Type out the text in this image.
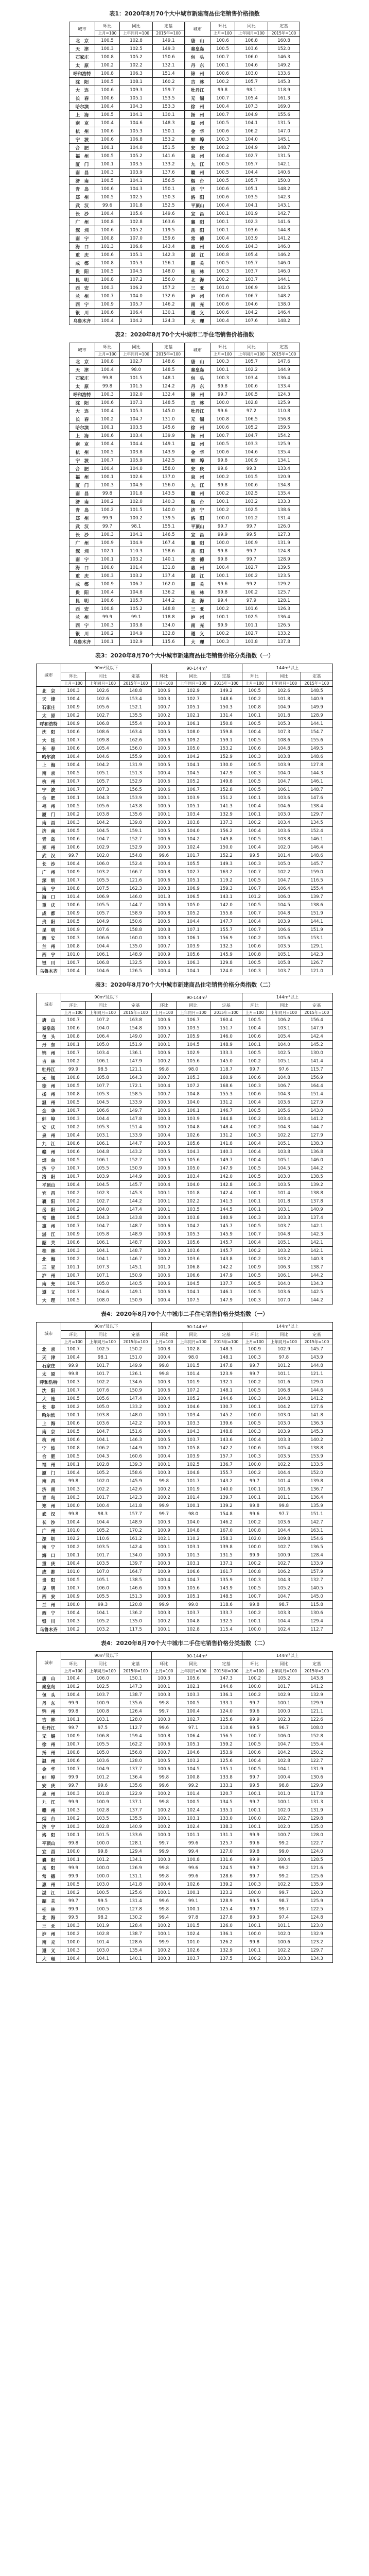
表1：2020年8月70个大中城市新建商品住宅销售价格指数
城市	环比	同比	定基	城市	环比	同比	定基
	上月=100	上年同月=100	2015年=100		上月=100	上年同月=100	2015年=100
北　京	100.5	102.8	149.1	唐　山	100.6	106.8	160.8
天　津	100.3	102.5	149.3	秦皇岛	100.5	103.6	152.0
石家庄	100.8	105.2	150.6	包　头	100.7	106.0	146.3
太　原	100.2	102.2	132.1	丹　东	100.1	104.6	149.2
呼和浩特	100.8	106.3	151.4	锦　州	100.6	103.0	133.6
沈　阳	100.5	108.1	160.2	吉　林	100.2	105.7	145.3
大　连	100.6	109.3	159.7	牡丹江	99.8	98.1	118.9
长　春	100.6	105.1	153.5	无　锡	100.7	105.4	161.3
哈尔滨	100.4	104.3	153.3	徐　州	100.4	107.3	169.0
上　海	100.5	104.1	130.1	扬　州	100.7	104.9	155.6
南　京	100.4	104.6	148.3	温　州	100.5	104.1	131.5
杭　州	100.6	105.3	150.1	金　华	100.6	106.2	147.0
宁　波	100.6	106.8	153.2	蚌　埠	100.3	104.0	145.1
合　肥	100.1	104.0	151.5	安　庆	100.2	104.9	148.7
福　州	100.5	105.2	141.6	泉　州	100.4	102.7	131.5
厦　门	100.1	103.5	133.2	九　江	100.5	105.7	142.1
南　昌	100.3	103.9	137.6	赣　州	100.5	104.4	140.6
济　南	100.5	104.1	156.5	烟　台	100.5	105.7	150.0
青　岛	100.6	104.3	150.1	济　宁	100.6	105.1	148.2
郑　州	100.5	102.5	150.3	洛　阳	100.6	103.5	142.3
武　汉	99.6	101.8	152.5	平顶山	100.4	104.1	143.1
长　沙	100.4	105.6	149.6	宜　昌	100.1	101.9	142.7
广　州	100.8	102.8	163.6	襄　阳	100.1	102.3	141.6
深　圳	100.6	105.2	119.5	岳　阳	100.1	103.6	144.8
南　宁	100.8	107.0	159.6	常　德	100.4	103.9	141.2
海　口	101.3	106.6	143.4	惠　州	100.6	104.3	146.0
重　庆	100.6	105.1	142.3	湛　江	100.8	105.4	146.2
成　都	100.8	105.3	156.1	韶　关	100.5	105.7	146.0
贵　阳	100.5	104.5	148.0	桂　林	100.3	103.7	146.0
昆　明	100.8	107.2	156.0	北　海	100.2	103.7	144.1
西　安	100.3	106.2	157.2	三　亚	101.0	106.9	142.5
兰　州	100.7	104.0	132.6	泸　州	100.6	106.7	148.2
西　宁	100.9	105.7	146.2	南　充	100.6	104.6	138.0
银　川	100.6	106.4	130.1	遵　义	100.6	104.2	146.4
乌鲁木齐	100.4	104.2	124.3	大　理	100.4	107.6	148.2
表2：2020年8月70个大中城市二手住宅销售价格指数
城市	环比	同比	定基	城市	环比	同比	定基
	上月=100	上年同月=100	2015年=100		上月=100	上年同月=100	2015年=100
北　京	100.8	102.7	148.6	唐　山	100.3	105.7	147.6
天　津	100.4	98.0	148.5	秦皇岛	100.1	102.2	144.9
石家庄	99.8	101.5	148.1	包　头	100.3	103.4	136.4
太　原	99.8	101.5	124.2	丹　东	99.8	100.6	133.4
呼和浩特	100.3	102.0	132.4	锦　州	99.7	100.5	124.3
沈　阳	100.6	107.3	148.5	吉　林	100.0	102.8	125.9
大　连	100.4	105.3	145.0	牡丹江	99.6	97.2	110.8
长　春	100.2	104.7	131.0	无　锡	100.8	106.5	156.8
哈尔滨	100.1	103.5	145.6	徐　州	100.6	105.2	159.5
上　海	100.6	103.4	139.9	扬　州	100.7	104.7	154.2
南　京	100.4	104.4	149.1	温　州	100.5	103.3	125.9
杭　州	100.5	103.8	143.9	金　华	100.6	104.6	135.4
宁　波	100.7	105.9	142.5	蚌　埠	99.8	100.9	134.1
合　肥	100.4	104.0	158.0	安　庆	99.6	99.3	133.4
福　州	100.1	102.6	137.0	泉　州	100.2	101.5	120.9
厦　门	100.3	104.9	156.0	九　江	99.8	100.6	134.8
南　昌	99.8	101.8	143.5	赣　州	100.2	102.5	135.4
济　南	100.2	102.0	140.3	烟　台	100.1	103.2	133.3
青　岛	100.2	101.5	140.0	济　宁	100.2	102.5	138.6
郑　州	99.9	100.2	139.5	洛　阳	100.0	101.2	131.4
武　汉	99.7	98.1	155.1	平顶山	99.7	99.7	126.0
长　沙	100.3	104.1	146.5	宜　昌	99.9	99.5	127.3
广　州	100.9	104.9	167.4	襄　阳	100.0	100.9	131.9
深　圳	102.1	110.3	158.6	岳　阳	99.8	99.7	124.8
南　宁	100.1	103.2	140.1	常　德	99.8	99.7	128.9
海　口	100.0	101.4	131.8	惠　州	100.4	102.7	139.5
重　庆	100.3	103.2	137.4	湛　江	100.1	100.2	123.5
成　都	100.9	106.7	162.0	韶　关	99.6	99.2	129.2
贵　阳	100.4	104.8	136.2	桂　林	99.8	100.2	125.7
昆　明	100.6	105.7	144.2	北　海	99.4	97.9	128.1
西　安	100.8	105.2	148.8	三　亚	100.2	101.6	126.3
兰　州	99.9	99.1	118.8	泸　州	100.1	102.5	136.4
西　宁	100.3	103.8	134.0	南　充	99.9	101.1	126.5
银　川	100.2	104.9	132.8	遵　义	100.2	102.7	133.2
乌鲁木齐	100.1	102.9	115.6	大　理	100.3	103.8	137.8
表3：2020年8月70个大中城市新建商品住宅销售价格分类指数（一）
城市	90m²及以下			90-144m²			144m²以上		
	环比	同比	定基	环比	同比	定基	环比	同比	定基
	上月=100	上年同月=100	2015年=100	上月=100	上年同月=100	2015年=100	上月=100	上年同月=100	2015年=100
北　京	100.3	102.6	148.8	100.6	102.9	149.2	100.5	102.6	148.5
天　津	100.4	102.6	153.4	100.3	102.7	148.6	100.2	101.8	140.9
石家庄	100.9	105.6	152.1	100.7	105.1	150.3	100.8	104.9	149.9
太　原	100.2	102.7	135.5	100.2	102.1	131.4	100.1	101.8	128.9
呼和浩特	100.9	106.8	155.4	100.8	106.1	150.8	100.5	105.3	144.1
沈　阳	100.6	108.6	163.4	100.5	108.0	159.8	100.4	107.3	154.7
大　连	100.7	109.8	162.6	100.6	109.2	159.1	100.5	108.6	155.6
长　春	100.6	105.4	156.0	100.5	105.0	153.2	100.6	104.8	149.5
哈尔滨	100.4	104.6	155.9	100.4	104.2	152.9	100.3	103.8	148.6
上　海	100.4	104.2	131.9	100.5	104.1	130.0	100.5	103.9	127.8
南　京	100.5	105.1	151.3	100.4	104.5	147.9	100.3	104.0	144.3
杭　州	100.7	105.7	152.9	100.6	105.2	149.8	100.5	104.7	146.1
宁　波	100.7	107.3	156.5	100.6	106.7	152.8	100.5	106.1	148.7
合　肥	100.1	104.3	153.9	100.1	103.9	151.2	100.1	103.6	147.6
福　州	100.5	105.6	143.8	100.5	105.1	141.3	100.4	104.6	138.4
厦　门	100.2	103.8	135.6	100.1	103.4	132.9	100.1	103.0	129.7
南　昌	100.3	104.2	139.8	100.3	103.8	137.3	100.2	103.4	134.5
济　南	100.5	104.5	159.1	100.5	104.0	156.2	100.4	103.6	152.4
青　岛	100.6	104.7	152.7	100.6	104.2	149.8	100.5	103.8	146.1
郑　州	100.6	102.9	152.9	100.5	102.4	150.0	100.4	102.0	146.4
武　汉	99.7	102.0	154.8	99.6	101.7	152.2	99.5	101.4	148.6
长　沙	100.4	106.0	152.4	100.4	105.5	149.3	100.3	105.0	145.7
广　州	100.9	103.2	166.7	100.8	102.7	163.2	100.7	102.2	159.0
深　圳	100.7	105.5	121.6	100.6	105.1	119.2	100.5	104.7	116.5
南　宁	100.8	107.5	162.3	100.8	106.9	159.3	100.7	106.4	155.4
海　口	101.4	106.9	146.0	101.3	106.5	143.1	101.2	106.0	139.7
重　庆	100.6	105.5	144.7	100.6	105.0	142.0	100.5	104.5	138.6
成　都	100.9	105.7	158.9	100.8	105.2	155.8	100.7	104.8	151.9
贵　阳	100.5	104.9	150.6	100.5	104.4	147.7	100.4	103.9	144.1
昆　明	100.9	107.6	158.8	100.8	107.1	155.7	100.7	106.6	151.9
西　安	100.3	106.6	160.0	100.3	106.1	156.9	100.2	105.6	153.1
兰　州	100.8	104.4	135.0	100.7	103.9	132.3	100.6	103.5	129.1
西　宁	101.0	106.1	148.9	100.9	105.6	145.9	100.8	105.1	142.3
银　川	100.7	106.8	132.5	100.6	106.3	129.8	100.5	105.8	126.7
乌鲁木齐	100.4	104.6	126.5	100.4	104.1	124.0	100.3	103.7	121.0
表3：2020年8月70个大中城市新建商品住宅销售价格分类指数（二）
城市	90m²及以下			90-144m²			144m²以上		
	环比	同比	定基	环比	同比	定基	环比	同比	定基
	上月=100	上年同月=100	2015年=100	上月=100	上年同月=100	2015年=100	上月=100	上年同月=100	2015年=100
唐　山	100.7	107.2	163.8	100.6	106.7	160.4	100.5	106.2	156.4
秦皇岛	100.6	104.0	154.8	100.5	103.5	151.7	100.4	103.1	147.9
包　头	100.8	106.4	149.0	100.7	105.9	146.0	100.6	105.4	142.4
丹　东	100.1	105.0	151.9	100.1	104.5	148.9	100.1	104.0	145.2
锦　州	100.7	103.4	136.1	100.6	102.9	133.3	100.5	102.5	130.0
吉　林	100.2	106.1	147.9	100.2	105.6	145.0	100.2	105.1	141.4
牡丹江	99.9	98.5	121.1	99.8	98.0	118.7	99.7	97.6	115.7
无　锡	100.8	105.8	164.3	100.7	105.3	160.9	100.6	104.8	156.9
徐　州	100.5	107.7	172.1	100.4	107.2	168.6	100.3	106.7	164.4
扬　州	100.8	105.3	158.5	100.7	104.8	155.3	100.6	104.3	151.4
温　州	100.5	104.5	133.9	100.5	104.0	131.2	100.4	103.6	127.9
金　华	100.7	106.6	149.7	100.6	106.1	146.7	100.5	105.6	143.0
蚌　埠	100.3	104.4	147.8	100.3	103.9	144.8	100.2	103.4	141.2
安　庆	100.2	105.3	151.4	100.2	104.8	148.4	100.2	104.3	144.7
泉　州	100.4	103.1	133.9	100.4	102.6	131.2	100.3	102.2	127.9
九　江	100.6	106.1	144.7	100.5	105.6	141.8	100.4	105.1	138.3
赣　州	100.6	104.8	143.2	100.5	104.3	140.3	100.4	103.8	136.8
烟　台	100.5	106.1	152.7	100.5	105.6	149.7	100.4	105.1	146.0
济　宁	100.7	105.5	150.9	100.6	105.0	147.9	100.5	104.5	144.2
洛　阳	100.7	103.9	144.9	100.6	103.4	142.0	100.5	103.0	138.5
平顶山	100.4	104.5	145.7	100.4	104.0	142.8	100.3	103.5	139.2
宜　昌	100.2	102.3	145.3	100.1	101.8	142.4	100.1	101.4	138.8
襄　阳	100.2	102.7	144.2	100.1	102.2	141.3	100.1	101.8	137.8
岳　阳	100.2	104.0	147.4	100.1	103.5	144.5	100.1	103.1	140.9
常　德	100.5	104.3	143.8	100.4	103.8	140.9	100.3	103.3	137.4
惠　州	100.7	104.7	148.7	100.6	104.2	145.7	100.5	103.7	142.1
湛　江	100.9	105.8	148.9	100.8	105.3	145.9	100.7	104.8	142.3
韶　关	100.6	106.1	148.7	100.5	105.6	145.7	100.4	105.1	142.1
桂　林	100.3	104.1	148.7	100.3	103.6	145.7	100.2	103.2	142.1
北　海	100.2	104.1	146.7	100.2	103.6	143.8	100.2	103.2	140.3
三　亚	101.1	107.3	145.1	101.0	106.8	142.2	100.9	106.3	138.7
泸　州	100.7	107.1	150.9	100.6	106.6	147.9	100.5	106.1	144.2
南　充	100.7	105.0	140.5	100.6	104.5	137.7	100.5	104.0	134.3
遵　义	100.7	104.6	149.1	100.6	104.1	146.1	100.5	103.6	142.5
大　理	100.5	108.0	150.9	100.4	107.5	147.9	100.3	107.0	144.2
表4：2020年8月70个大中城市二手住宅销售价格分类指数（一）
城市	90m²及以下			90-144m²			144m²以上		
	环比	同比	定基	环比	同比	定基	环比	同比	定基
	上月=100	上年同月=100	2015年=100	上月=100	上年同月=100	2015年=100	上月=100	上年同月=100	2015年=100
北　京	100.7	102.5	150.2	100.8	102.8	148.3	100.9	102.9	145.7
天　津	100.4	98.1	151.0	100.4	98.0	148.1	100.3	97.8	143.9
石家庄	99.9	101.7	149.9	99.8	101.5	147.8	99.7	101.2	144.8
太　原	99.8	101.7	126.1	99.8	101.4	123.9	99.7	101.1	121.1
呼和浩特	100.3	102.2	134.6	100.3	101.9	132.1	100.2	101.6	129.0
沈　阳	100.7	107.6	150.9	100.6	107.2	148.1	100.5	106.8	144.6
大　连	100.5	105.6	147.4	100.4	105.2	144.6	100.3	104.8	141.2
长　春	100.2	105.0	133.2	100.2	104.6	130.7	100.1	104.2	127.6
哈尔滨	100.1	103.8	148.0	100.1	103.4	145.2	100.0	103.0	141.8
上　海	100.6	103.6	142.2	100.6	103.3	139.6	100.5	103.0	136.3
南　京	100.5	104.7	151.6	100.4	104.3	148.8	100.3	103.9	145.3
杭　州	100.6	104.1	146.3	100.5	103.7	143.6	100.4	103.3	140.2
宁　波	100.8	106.2	144.9	100.7	105.8	142.2	100.6	105.4	138.8
合　肥	100.5	104.3	160.6	100.4	103.9	157.7	100.3	103.5	153.9
福　州	100.1	102.8	139.3	100.1	102.5	136.7	100.0	102.2	133.5
厦　门	100.4	105.2	158.6	100.3	104.8	155.7	100.2	104.4	152.0
南　昌	99.8	102.0	145.9	99.8	101.7	143.2	99.7	101.4	139.8
济　南	100.3	102.2	142.6	100.2	101.9	140.0	100.1	101.6	136.7
青　岛	100.3	101.7	142.3	100.2	101.4	139.7	100.1	101.1	136.4
郑　州	100.0	100.4	141.8	99.9	100.1	139.2	99.8	99.8	135.9
武　汉	99.8	98.3	157.7	99.7	98.0	154.8	99.6	97.7	151.1
长　沙	100.4	104.4	148.9	100.3	104.0	146.2	100.2	103.6	142.7
广　州	101.0	105.2	170.2	100.9	104.8	167.0	100.8	104.4	163.1
深　圳	102.2	110.6	161.2	102.1	110.2	158.3	102.0	109.8	154.6
南　宁	100.2	103.5	142.4	100.1	103.1	139.8	100.0	102.7	136.5
海　口	100.1	101.7	134.0	100.0	101.3	131.5	99.9	100.9	128.4
重　庆	100.4	103.5	139.7	100.3	103.1	137.1	100.2	102.7	133.9
成　都	101.0	107.0	164.7	100.9	106.6	161.7	100.8	106.2	157.9
贵　阳	100.5	105.1	138.5	100.4	104.7	135.9	100.3	104.3	132.7
昆　明	100.7	106.0	146.6	100.6	105.6	143.9	100.5	105.2	140.5
西　安	100.9	105.5	151.3	100.8	105.1	148.5	100.7	104.7	145.0
兰　州	100.0	99.3	120.8	99.9	99.0	118.6	99.8	98.7	115.8
西　宁	100.4	104.1	136.2	100.3	103.7	133.7	100.2	103.3	130.6
银　川	100.3	105.2	135.0	100.2	104.8	132.5	100.1	104.4	129.4
乌鲁木齐	100.2	103.2	117.5	100.1	102.8	115.4	100.0	102.4	112.7
表4：2020年8月70个大中城市二手住宅销售价格分类指数（二）
城市	90m²及以下			90-144m²			144m²以上		
	环比	同比	定基	环比	同比	定基	环比	同比	定基
	上月=100	上年同月=100	2015年=100	上月=100	上年同月=100	2015年=100	上月=100	上年同月=100	2015年=100
唐　山	100.4	106.0	150.1	100.3	105.6	147.3	100.2	105.2	143.8
秦皇岛	100.2	102.5	147.3	100.1	102.1	144.6	100.0	101.7	141.2
包　头	100.4	103.7	138.7	100.3	103.3	136.1	100.2	102.9	132.9
丹　东	99.9	100.9	135.6	99.8	100.5	133.1	99.7	100.1	129.9
锦　州	99.8	100.8	126.4	99.7	100.4	124.0	99.6	100.0	121.1
吉　林	100.1	103.1	128.0	100.0	102.7	125.6	99.9	102.3	122.6
牡丹江	99.7	97.5	112.7	99.6	97.1	110.6	99.5	96.7	108.0
无　锡	100.9	106.8	159.4	100.8	106.4	156.5	100.7	106.0	152.8
徐　州	100.7	105.5	162.2	100.6	105.1	159.2	100.5	104.7	155.4
扬　州	100.8	105.0	156.8	100.7	104.6	153.9	100.6	104.2	150.2
温　州	100.6	103.6	128.0	100.5	103.2	125.6	100.4	102.8	122.7
金　华	100.7	104.9	137.7	100.6	104.5	135.1	100.5	104.1	131.9
蚌　埠	99.9	101.2	136.4	99.8	100.8	133.8	99.7	100.4	130.6
安　庆	99.7	99.6	135.6	99.6	99.2	133.1	99.5	98.8	129.9
泉　州	100.3	101.8	122.9	100.2	101.4	120.7	100.1	101.0	117.8
九　江	99.9	100.9	137.1	99.8	100.5	134.5	99.7	100.1	131.3
赣　州	100.3	102.8	137.7	100.2	102.4	135.1	100.1	102.0	131.9
烟　台	100.2	103.5	135.5	100.1	103.1	133.0	100.0	102.7	129.8
济　宁	100.3	102.8	140.9	100.2	102.4	138.3	100.1	102.0	135.0
洛　阳	100.1	101.5	133.6	100.0	101.1	131.1	99.9	100.7	128.0
平顶山	99.8	100.0	128.1	99.7	99.6	125.7	99.6	99.2	122.7
宜　昌	100.0	99.8	129.4	99.9	99.4	127.0	99.8	99.0	124.0
襄　阳	100.1	101.2	134.1	100.0	100.8	131.6	99.9	100.4	128.5
岳　阳	99.9	100.0	126.9	99.8	99.6	124.5	99.7	99.2	121.6
常　德	99.9	100.0	131.1	99.8	99.6	128.6	99.7	99.2	125.6
惠　州	100.5	103.0	141.8	100.4	102.6	139.2	100.3	102.2	135.9
湛　江	100.2	100.5	125.6	100.1	100.1	123.2	100.0	99.7	120.3
韶　关	99.7	99.5	131.4	99.6	99.1	128.9	99.5	98.7	125.9
桂　林	99.9	100.5	127.8	99.8	100.1	125.4	99.7	99.7	122.5
北　海	99.5	98.2	130.2	99.4	97.8	127.8	99.3	97.4	124.8
三　亚	100.3	101.9	128.4	100.2	101.5	126.0	100.1	101.1	123.0
泸　州	100.2	102.8	138.7	100.1	102.4	136.1	100.0	102.0	132.9
南　充	100.0	101.4	128.6	99.9	101.0	126.2	99.8	100.6	123.2
遵　义	100.3	103.0	135.4	100.2	102.6	132.9	100.1	102.2	129.7
大　理	100.4	104.1	140.1	100.3	103.7	137.5	100.2	103.3	134.3
